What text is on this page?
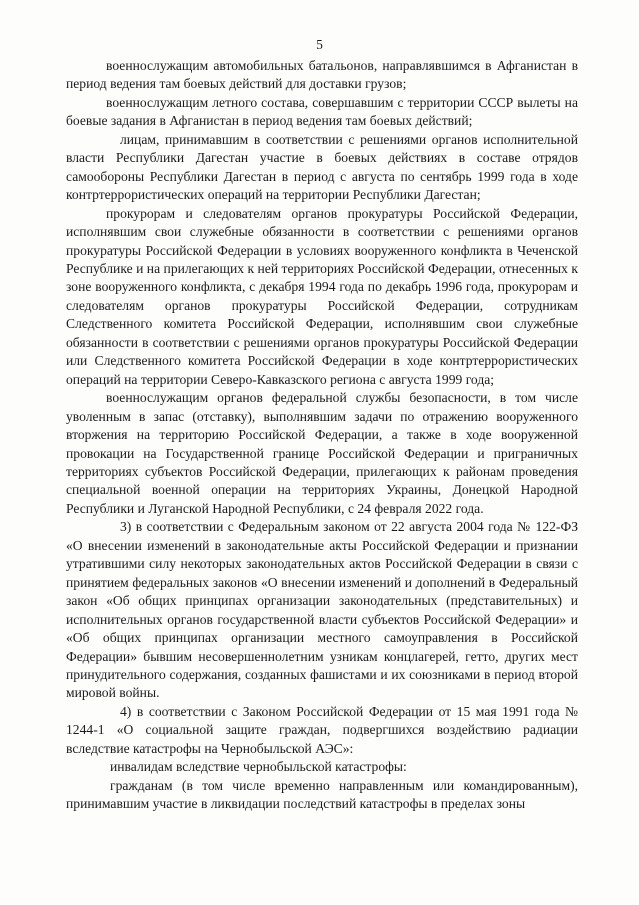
5

военнослужащим автомобильных батальонов, направлявшимся в Афганистан в период ведения там боевых действий для доставки грузов;

военнослужащим летного состава, совершавшим с территории СССР вылеты на боевые задания в Афганистан в период ведения там боевых действий;

лицам, принимавшим в соответствии с решениями органов исполнительной власти Республики Дагестан участие в боевых действиях в составе отрядов самообороны Республики Дагестан в период с августа по сентябрь 1999 года в ходе контртеррористических операций на территории Республики Дагестан;

прокурорам и следователям органов прокуратуры Российской Федерации, исполнявшим свои служебные обязанности в соответствии с решениями органов прокуратуры Российской Федерации в условиях вооруженного конфликта в Чеченской Республике и на прилегающих к ней территориях Российской Федерации, отнесенных к зоне вооруженного конфликта, с декабря 1994 года по декабрь 1996 года, прокурорам и следователям органов прокуратуры Российской Федерации, сотрудникам Следственного комитета Российской Федерации, исполнявшим свои служебные обязанности в соответствии с решениями органов прокуратуры Российской Федерации или Следственного комитета Российской Федерации в ходе контртеррористических операций на территории Северо-Кавказского региона с августа 1999 года;

военнослужащим органов федеральной службы безопасности, в том числе уволенным в запас (отставку), выполнявшим задачи по отражению вооруженного вторжения на территорию Российской Федерации, а также в ходе вооруженной провокации на Государственной границе Российской Федерации и приграничных территориях субъектов Российской Федерации, прилегающих к районам проведения специальной военной операции на территориях Украины, Донецкой Народной Республики и Луганской Народной Республики, с 24 февраля 2022 года.

3) в соответствии с Федеральным законом от 22 августа 2004 года № 122-ФЗ «О внесении изменений в законодательные акты Российской Федерации и признании утратившими силу некоторых законодательных актов Российской Федерации в связи с принятием федеральных законов «О внесении изменений и дополнений в Федеральный закон «Об общих принципах организации законодательных (представительных) и исполнительных органов государственной власти субъектов Российской Федерации» и «Об общих принципах организации местного самоуправления в Российской Федерации» бывшим несовершеннолетним узникам концлагерей, гетто, других мест принудительного содержания, созданных фашистами и их союзниками в период второй мировой войны.

4) в соответствии с Законом Российской Федерации от 15 мая 1991 года № 1244-1 «О социальной защите граждан, подвергшихся воздействию радиации вследствие катастрофы на Чернобыльской АЭС»:

инвалидам вследствие чернобыльской катастрофы:

гражданам (в том числе временно направленным или командированным), принимавшим участие в ликвидации последствий катастрофы в пределах зоны
